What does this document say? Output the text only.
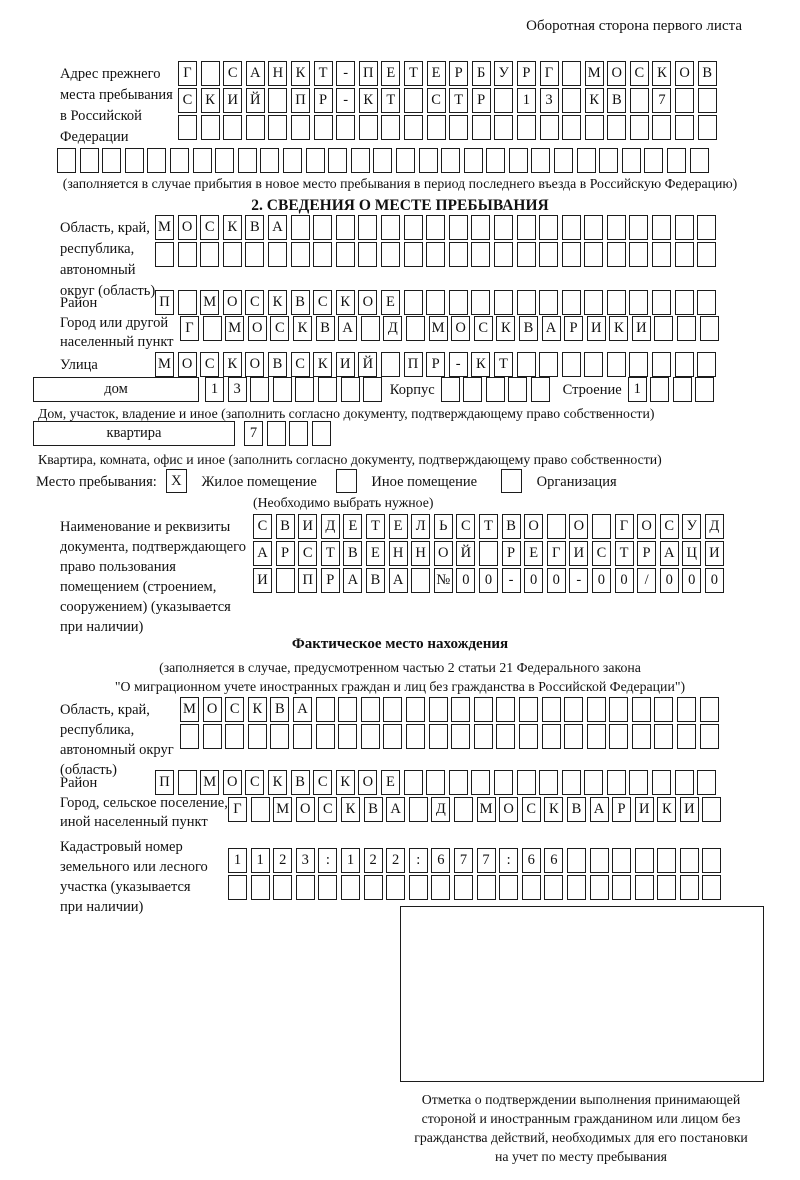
Оборотная сторона первого листа
Адрес прежнего
места пребывания
в Российской
Федерации
Г	С А Н К Т	-	П Е Т Е Р Б У Р Г	М О С К О В
С К И Й П Р	-	К Т	С Т Р	1	3	К В	7
(заполняется в случае прибытия в новое место пребывания в период последнего въезда в Российскую Федерацию)
2. СВЕДЕНИЯ О МЕСТЕ ПРЕБЫВАНИЯ
Область, край,
республика,
автономный
округ (область)
М О С К В А
Район	П М О С К В С К О Е
Город или другой
населенный пункт
Г	М О С К В А	Д	М О С К В А Р И К И
Улица	М О С К О В С К И Й П Р	-	К Т
дом	1	3	Корпус	Строение 1
Дом, участок, владение и иное (заполнить согласно документу, подтверждающему право собственности)
квартира	7
Квартира, комната, офис и иное (заполнить согласно документу, подтверждающему право собственности)
Место пребывания: X	Жилое помещение	Иное помещение	Организация
(Необходимо выбрать нужное)
Наименование и реквизиты
документа, подтверждающего
право пользования
помещением (строением,
сооружением) (указывается
при наличии)
С В И Д Е Т Е Л Ь С Т В О О	Г О С У Д
А Р С Т В Е Н Н О Й	Р Е Г И С Т Р А Ц И
И П Р А В А № 0	0	-	0	0	-	0	0	/	0	0	0
Фактическое место нахождения
(заполняется в случае, предусмотренном частью 2 статьи 21 Федерального закона
"О миграционном учете иностранных граждан и лиц без гражданства в Российской Федерации")
Область, край,
республика,
автономный округ
(область)
М О С К В А
Район	П М О С К В С К О Е
Город, сельское поселение,
иной населенный пункт
Г	М О С К В А	Д	М О С К В А Р И К И
Кадастровый номер
земельного или лесного
участка (указывается
при наличии)
1	1	2	3	:	1	2	2	:	6	7	7	:	6	6
Отметка о подтверждении выполнения принимающей
стороной и иностранным гражданином или лицом без
гражданства действий, необходимых для его постановки
на учет по месту пребывания
